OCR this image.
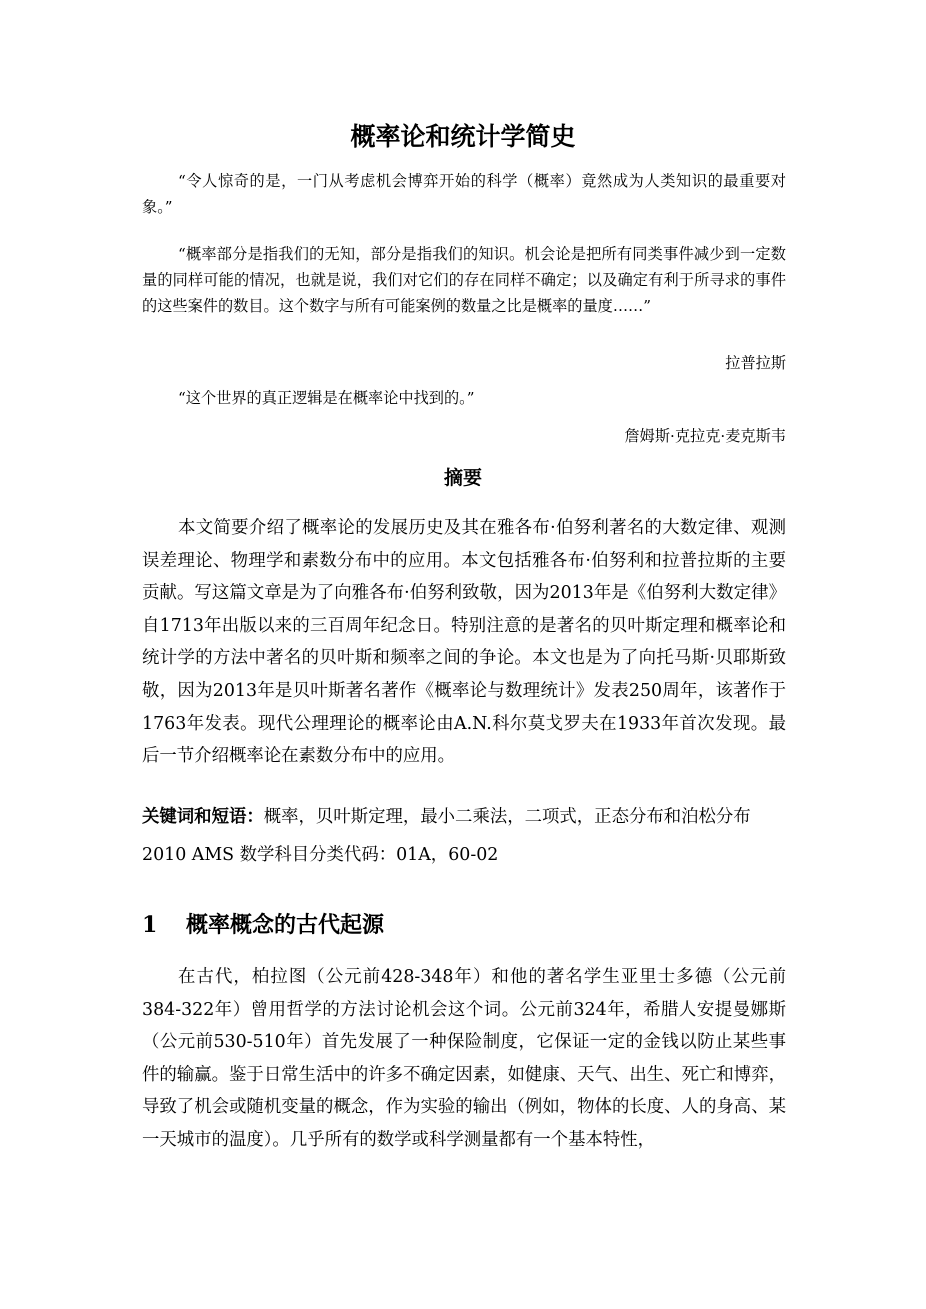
概率论和统计学简史

“令人惊奇的是，一门从考虑机会博弈开始的科学（概率）竟然成为人类知识的最重要对象。”

“概率部分是指我们的无知，部分是指我们的知识。机会论是把所有同类事件减少到一定数量的同样可能的情况，也就是说，我们对它们的存在同样不确定；以及确定有利于所寻求的事件的这些案件的数目。这个数字与所有可能案例的数量之比是概率的量度……”

拉普拉斯

“这个世界的真正逻辑是在概率论中找到的。”

詹姆斯·克拉克·麦克斯韦

摘要

本文简要介绍了概率论的发展历史及其在雅各布·伯努利著名的大数定律、观测误差理论、物理学和素数分布中的应用。本文包括雅各布·伯努利和拉普拉斯的主要贡献。写这篇文章是为了向雅各布·伯努利致敬，因为2013年是《伯努利大数定律》自1713年出版以来的三百周年纪念日。特别注意的是著名的贝叶斯定理和概率论和统计学的方法中著名的贝叶斯和频率之间的争论。本文也是为了向托马斯·贝耶斯致敬，因为2013年是贝叶斯著名著作《概率论与数理统计》发表250周年，该著作于1763年发表。现代公理理论的概率论由A.N.科尔莫戈罗夫在1933年首次发现。最后一节介绍概率论在素数分布中的应用。

关键词和短语：概率，贝叶斯定理，最小二乘法，二项式，正态分布和泊松分布

2010 AMS 数学科目分类代码：01A，60-02

1 概率概念的古代起源

在古代，柏拉图（公元前428-348年）和他的著名学生亚里士多德（公元前384-322年）曾用哲学的方法讨论机会这个词。公元前324年，希腊人安提曼娜斯（公元前530-510年）首先发展了一种保险制度，它保证一定的金钱以防止某些事件的输赢。鉴于日常生活中的许多不确定因素，如健康、天气、出生、死亡和博弈，导致了机会或随机变量的概念，作为实验的输出（例如，物体的长度、人的身高、某一天城市的温度）。几乎所有的数学或科学测量都有一个基本特性，
